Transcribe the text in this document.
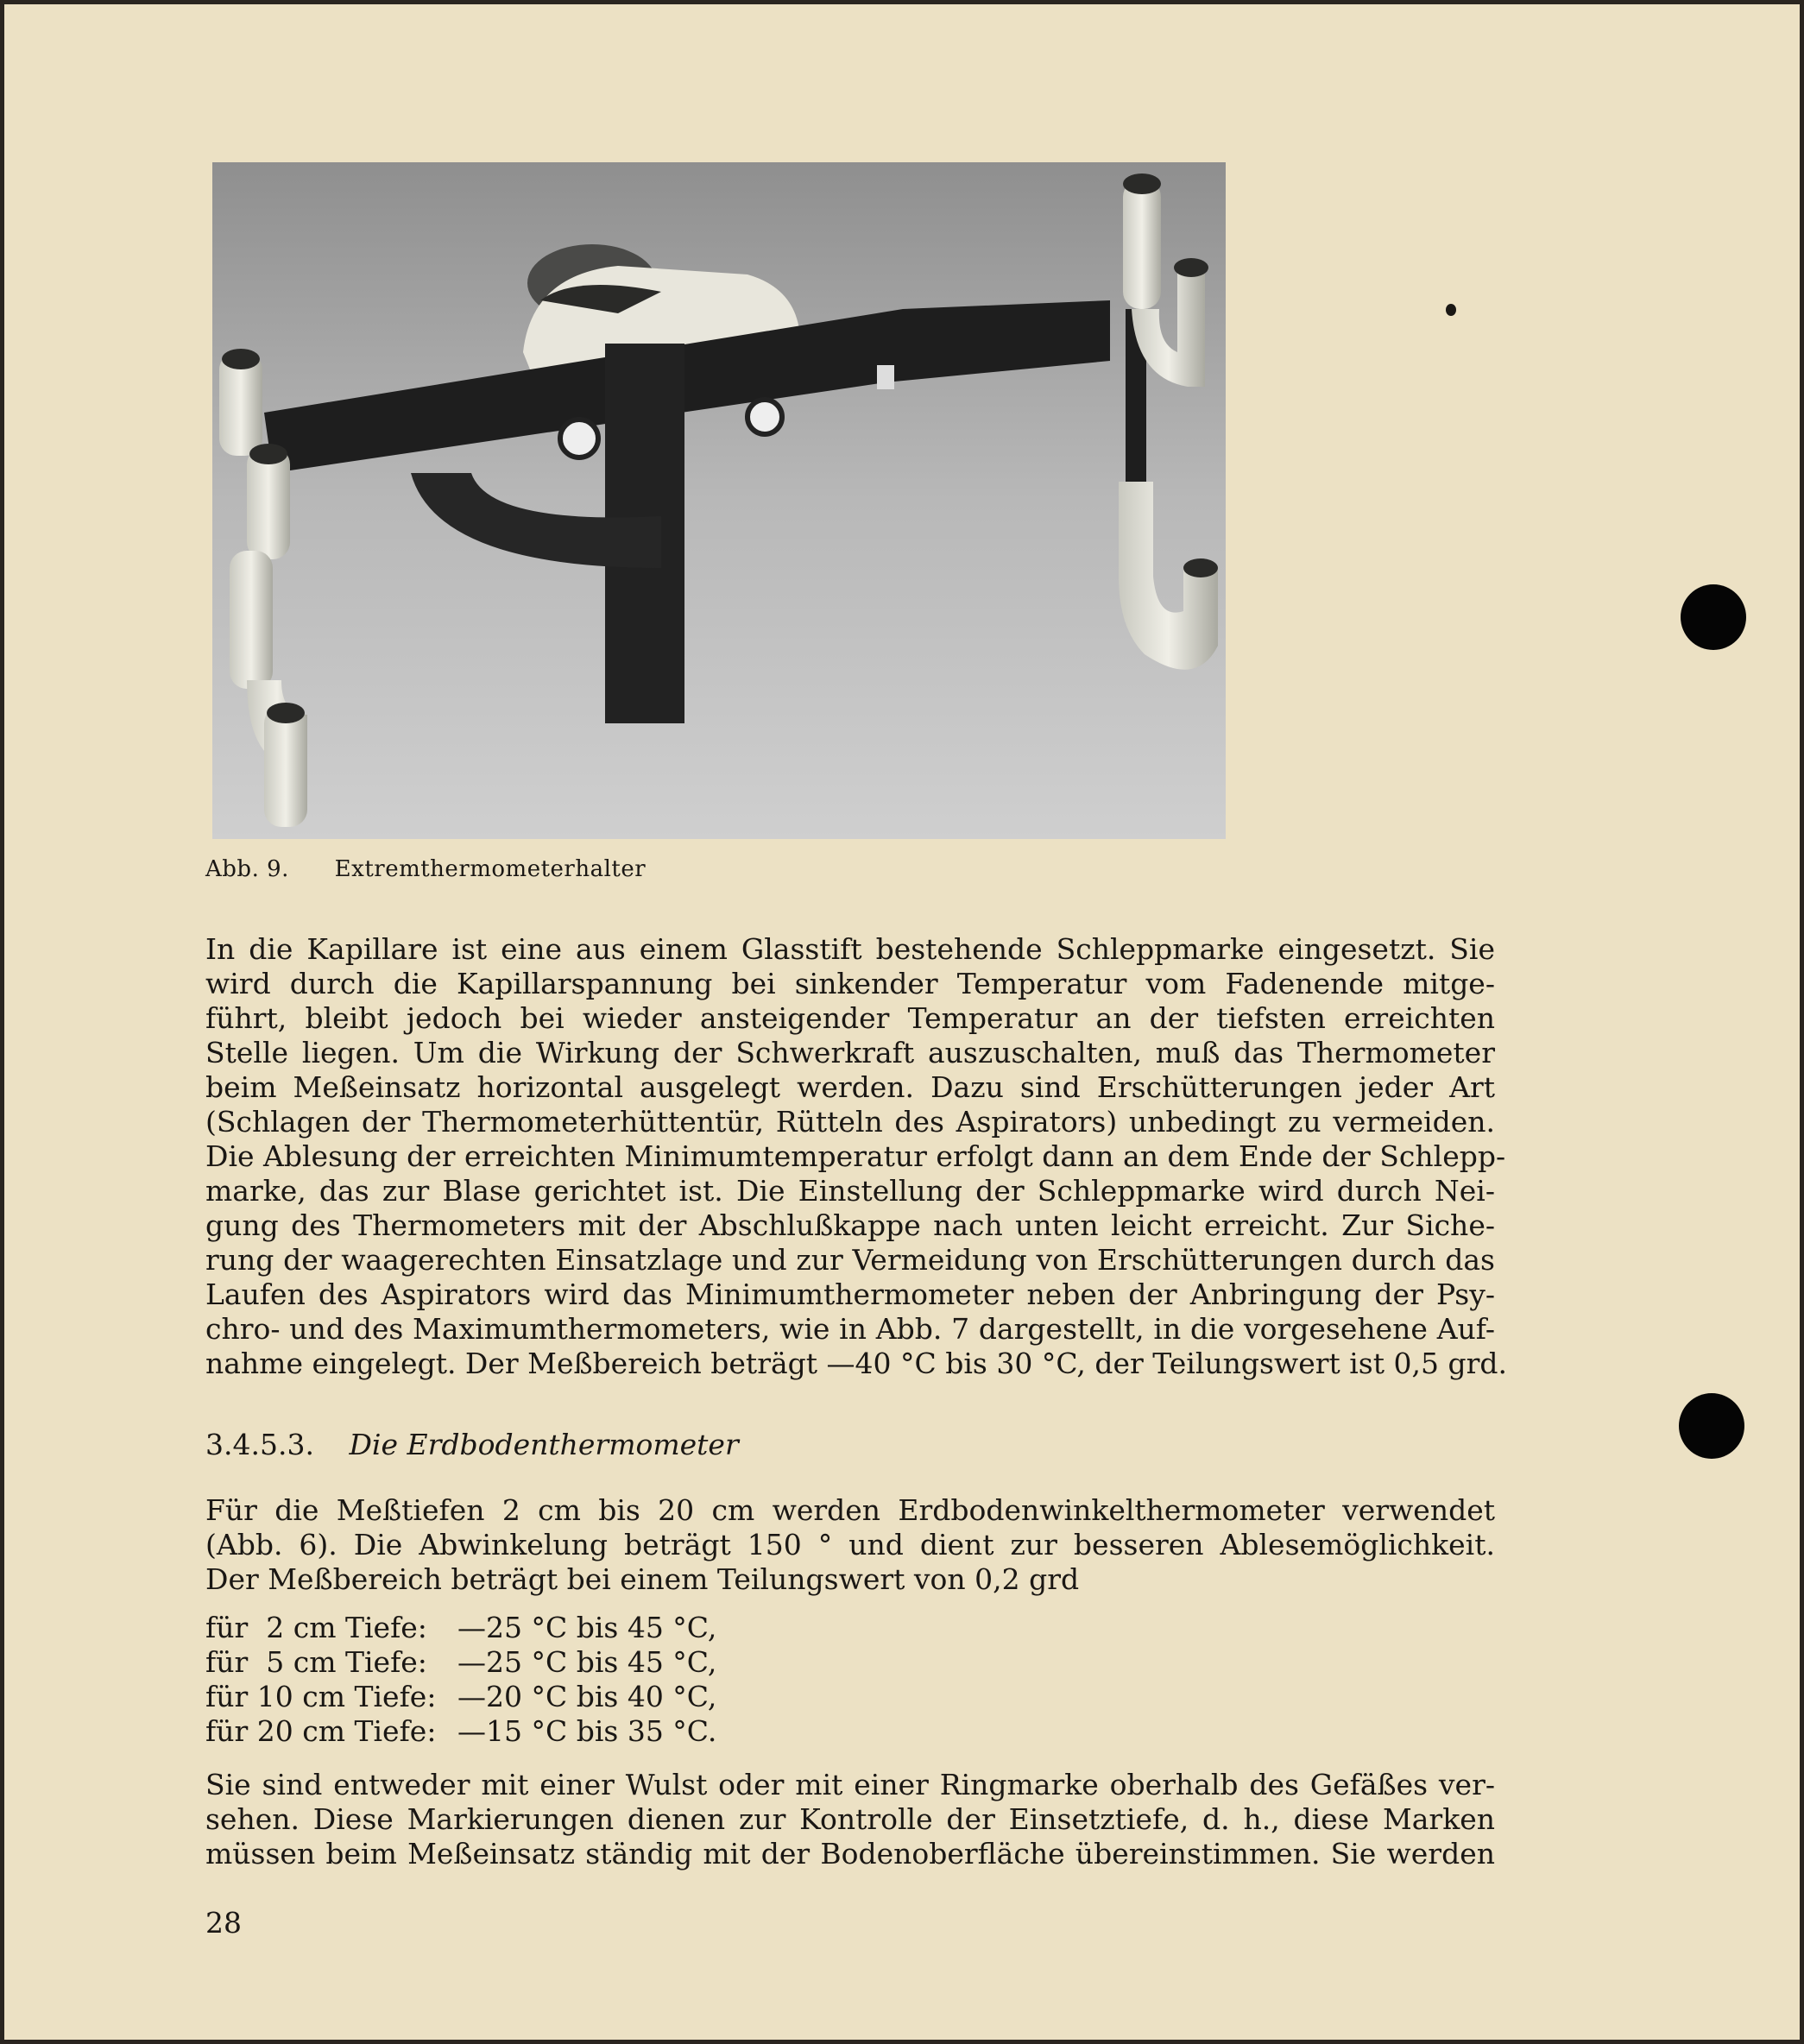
Abb. 9. Extremthermometerhalter
In die Kapillare ist eine aus einem Glasstift bestehende Schleppmarke eingesetzt. Sie
wird durch die Kapillarspannung bei sinkender Temperatur vom Fadenende mitge-
führt, bleibt jedoch bei wieder ansteigender Temperatur an der tiefsten erreichten
Stelle liegen. Um die Wirkung der Schwerkraft auszuschalten, muß das Thermometer
beim Meßeinsatz horizontal ausgelegt werden. Dazu sind Erschütterungen jeder Art
(Schlagen der Thermometerhüttentür, Rütteln des Aspirators) unbedingt zu vermeiden.
Die Ablesung der erreichten Minimumtemperatur erfolgt dann an dem Ende der Schlepp-
marke, das zur Blase gerichtet ist. Die Einstellung der Schleppmarke wird durch Nei-
gung des Thermometers mit der Abschlußkappe nach unten leicht erreicht. Zur Siche-
rung der waagerechten Einsatzlage und zur Vermeidung von Erschütterungen durch das
Laufen des Aspirators wird das Minimumthermometer neben der Anbringung der Psy-
chro- und des Maximumthermometers, wie in Abb. 7 dargestellt, in die vorgesehene Auf-
nahme eingelegt. Der Meßbereich beträgt —40 °C bis 30 °C, der Teilungswert ist 0,5 grd.
3.4.5.3. Die Erdbodenthermometer
Für die Meßtiefen 2 cm bis 20 cm werden Erdbodenwinkelthermometer verwendet
(Abb. 6). Die Abwinkelung beträgt 150 ° und dient zur besseren Ablesemöglichkeit.
Der Meßbereich beträgt bei einem Teilungswert von 0,2 grd
für  2 cm Tiefe:	—25 °C bis 45 °C,
für  5 cm Tiefe:	—25 °C bis 45 °C,
für 10 cm Tiefe: —20 °C bis 40 °C,
für 20 cm Tiefe: —15 °C bis 35 °C.
Sie sind entweder mit einer Wulst oder mit einer Ringmarke oberhalb des Gefäßes ver-
sehen. Diese Markierungen dienen zur Kontrolle der Einsetztiefe, d. h., diese Marken
müssen beim Meßeinsatz ständig mit der Bodenoberfläche übereinstimmen. Sie werden
28
